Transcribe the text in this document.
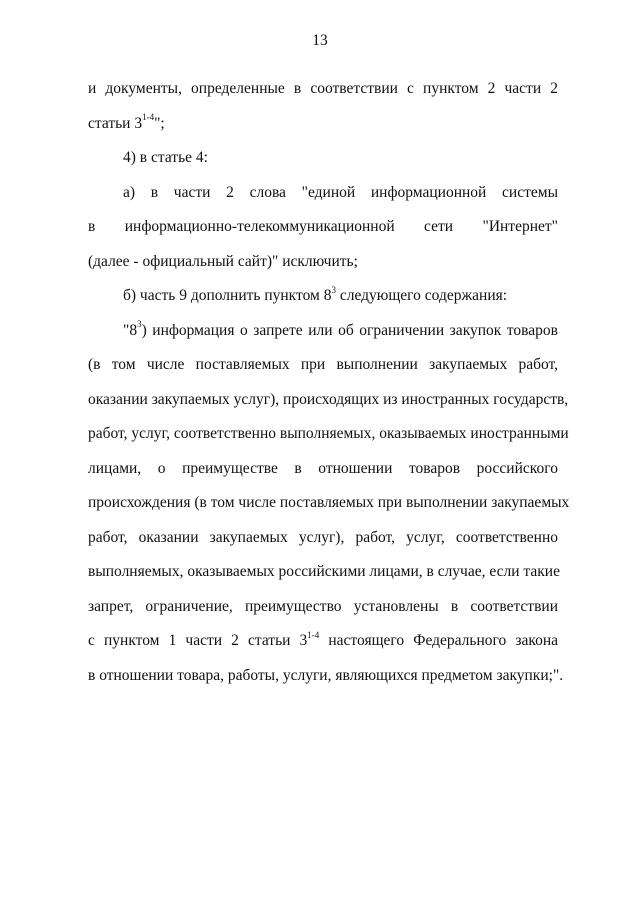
13
и документы, определенные в соответствии с пунктом 2 части 2
статьи 3$^{1-4}$";
4) в статье 4:
а) в части 2 слова "единой информационной системы
в информационно-телекоммуникационной сети "Интернет"
(далее - официальный сайт)" исключить;
б) часть 9 дополнить пунктом $8^3$ следующего содержания:
"$8^3$) информация о запрете или об ограничении закупок товаров
(в том числе поставляемых при выполнении закупаемых работ,
оказании закупаемых услуг), происходящих из иностранных государств,
работ, услуг, соответственно выполняемых, оказываемых иностранными
лицами, о преимуществе в отношении товаров российского
происхождения (в том числе поставляемых при выполнении закупаемых
работ, оказании закупаемых услуг), работ, услуг, соответственно
выполняемых, оказываемых российскими лицами, в случае, если такие
запрет, ограничение, преимущество установлены в соответствии
с пунктом 1 части 2 статьи 3$^{1-4}$ настоящего Федерального закона
в отношении товара, работы, услуги, являющихся предметом закупки;".
